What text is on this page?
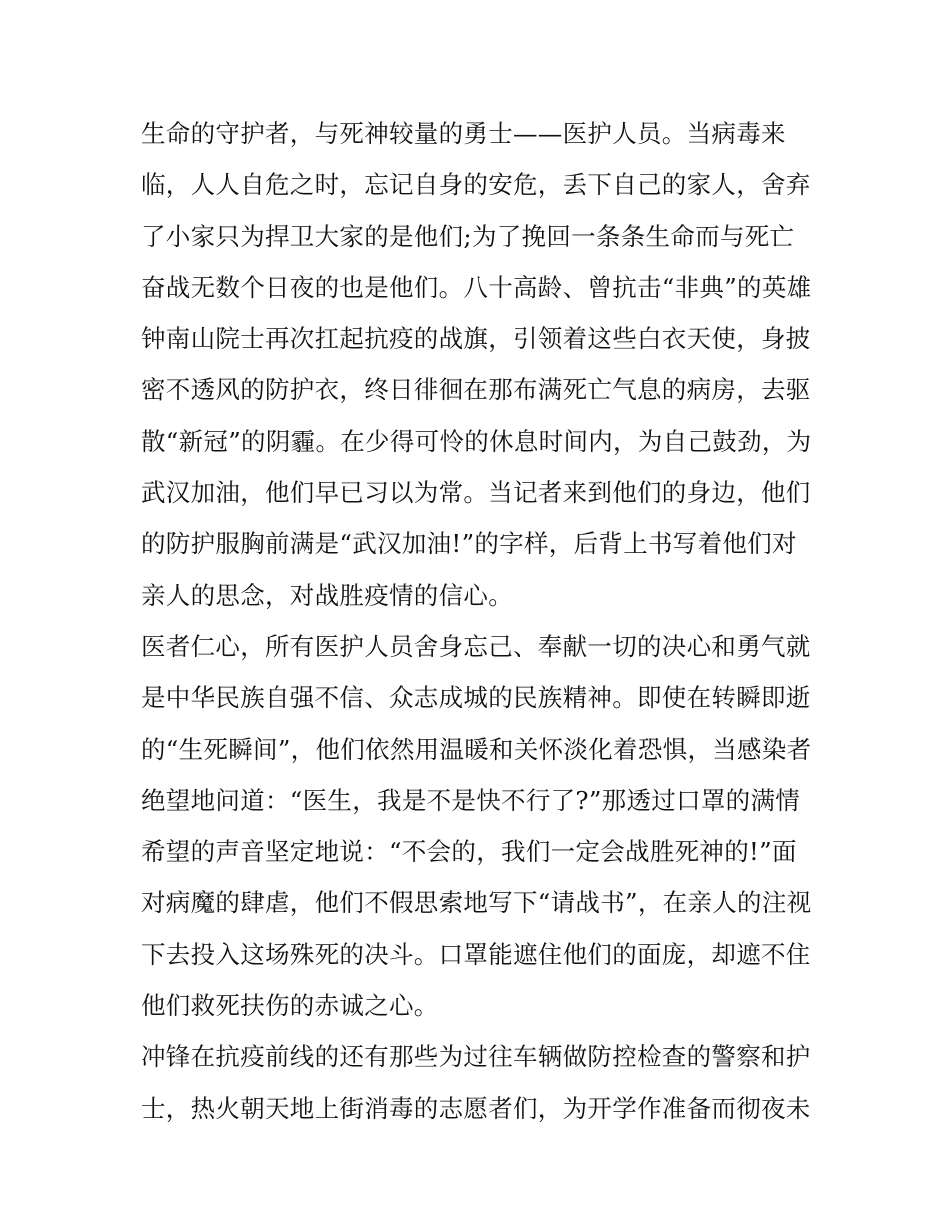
生命的守护者，与死神较量的勇士——医护人员。当病毒来
临，人人自危之时，忘记自身的安危，丢下自己的家人，舍弃
了小家只为捍卫大家的是他们;为了挽回一条条生命而与死亡
奋战无数个日夜的也是他们。八十高龄、曾抗击“非典”的英雄
钟南山院士再次扛起抗疫的战旗，引领着这些白衣天使，身披
密不透风的防护衣，终日徘徊在那布满死亡气息的病房，去驱
散“新冠”的阴霾。在少得可怜的休息时间内，为自己鼓劲，为
武汉加油，他们早已习以为常。当记者来到他们的身边，他们
的防护服胸前满是“武汉加油!”的字样，后背上书写着他们对
亲人的思念，对战胜疫情的信心。
医者仁心，所有医护人员舍身忘己、奉献一切的决心和勇气就
是中华民族自强不信、众志成城的民族精神。即使在转瞬即逝
的“生死瞬间”，他们依然用温暖和关怀淡化着恐惧，当感染者
绝望地问道：“医生，我是不是快不行了?”那透过口罩的满情
希望的声音坚定地说：“不会的，我们一定会战胜死神的!”面
对病魔的肆虐，他们不假思索地写下“请战书”，在亲人的注视
下去投入这场殊死的决斗。口罩能遮住他们的面庞，却遮不住
他们救死扶伤的赤诚之心。
冲锋在抗疫前线的还有那些为过往车辆做防控检查的警察和护
士，热火朝天地上街消毒的志愿者们，为开学作准备而彻夜未
